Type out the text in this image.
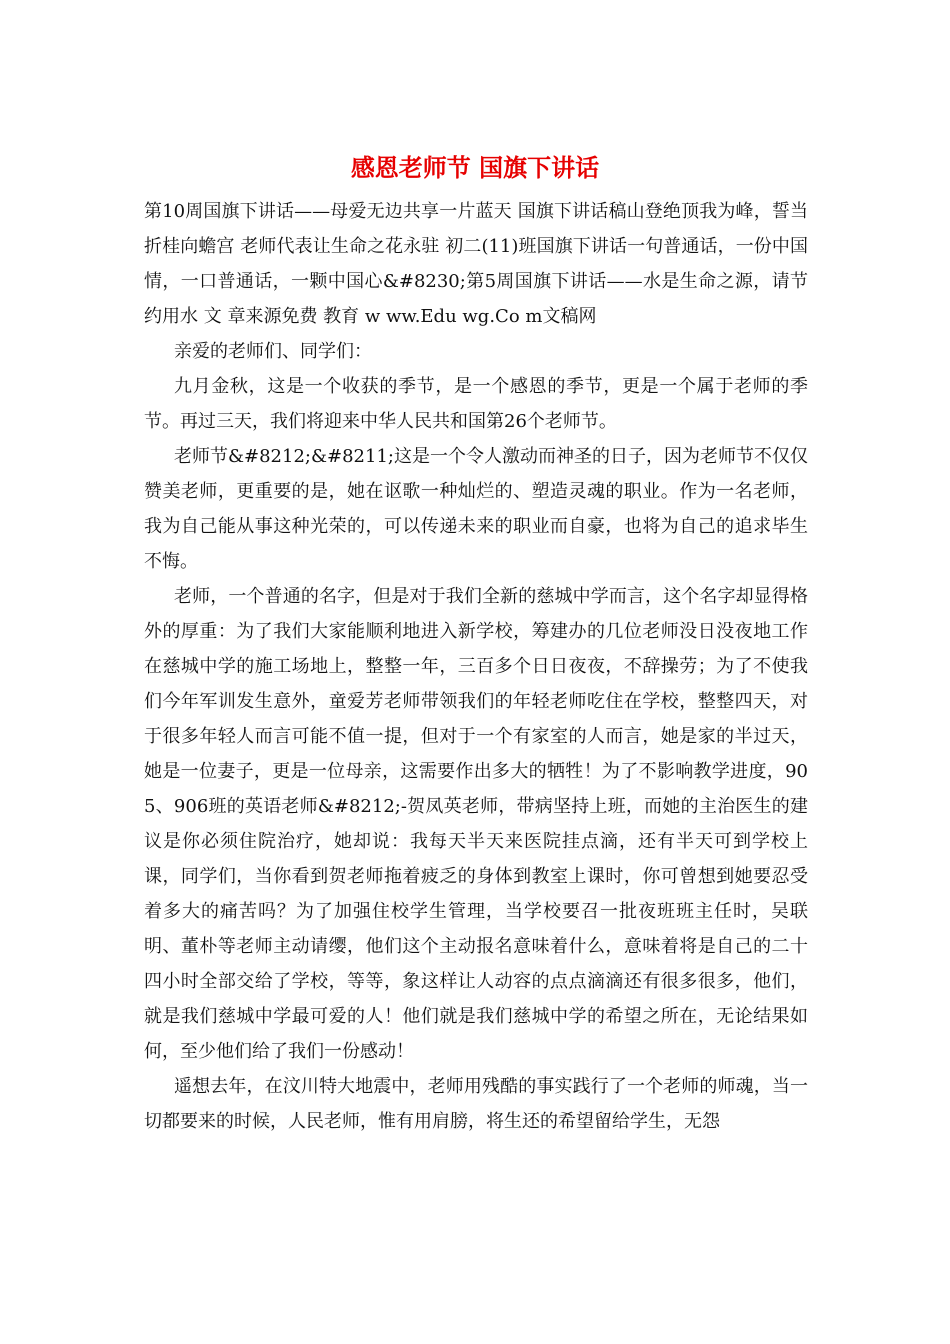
感恩老师节 国旗下讲话

第10周国旗下讲话——母爱无边共享一片蓝天 国旗下讲话稿山登绝顶我为峰，誓当折桂向蟾宫 老师代表让生命之花永驻 初二(11)班国旗下讲话一句普通话，一份中国情，一口普通话，一颗中国心&#8230;第5周国旗下讲话——水是生命之源，请节约用水 文 章来源免费 教育 w ww.Edu wg.Co m文稿网

亲爱的老师们、同学们：

九月金秋，这是一个收获的季节，是一个感恩的季节，更是一个属于老师的季节。再过三天，我们将迎来中华人民共和国第26个老师节。

老师节&#8212;&#8211;这是一个令人激动而神圣的日子，因为老师节不仅仅赞美老师，更重要的是，她在讴歌一种灿烂的、塑造灵魂的职业。作为一名老师，我为自己能从事这种光荣的，可以传递未来的职业而自豪，也将为自己的追求毕生不悔。

老师，一个普通的名字，但是对于我们全新的慈城中学而言，这个名字却显得格外的厚重：为了我们大家能顺利地进入新学校，筹建办的几位老师没日没夜地工作在慈城中学的施工场地上，整整一年，三百多个日日夜夜，不辞操劳；为了不使我们今年军训发生意外，童爱芳老师带领我们的年轻老师吃住在学校，整整四天，对于很多年轻人而言可能不值一提，但对于一个有家室的人而言，她是家的半过天，她是一位妻子，更是一位母亲，这需要作出多大的牺牲！为了不影响教学进度，905、906班的英语老师&#8212;-贺凤英老师，带病坚持上班，而她的主治医生的建议是你必须住院治疗，她却说：我每天半天来医院挂点滴，还有半天可到学校上课，同学们，当你看到贺老师拖着疲乏的身体到教室上课时，你可曾想到她要忍受着多大的痛苦吗？为了加强住校学生管理，当学校要召一批夜班班主任时，吴联明、董朴等老师主动请缨，他们这个主动报名意味着什么，意味着将是自己的二十四小时全部交给了学校，等等，象这样让人动容的点点滴滴还有很多很多，他们，就是我们慈城中学最可爱的人！他们就是我们慈城中学的希望之所在，无论结果如何，至少他们给了我们一份感动！

遥想去年，在汶川特大地震中，老师用残酷的事实践行了一个老师的师魂，当一切都要来的时候，人民老师，惟有用肩膀，将生还的希望留给学生，无怨
